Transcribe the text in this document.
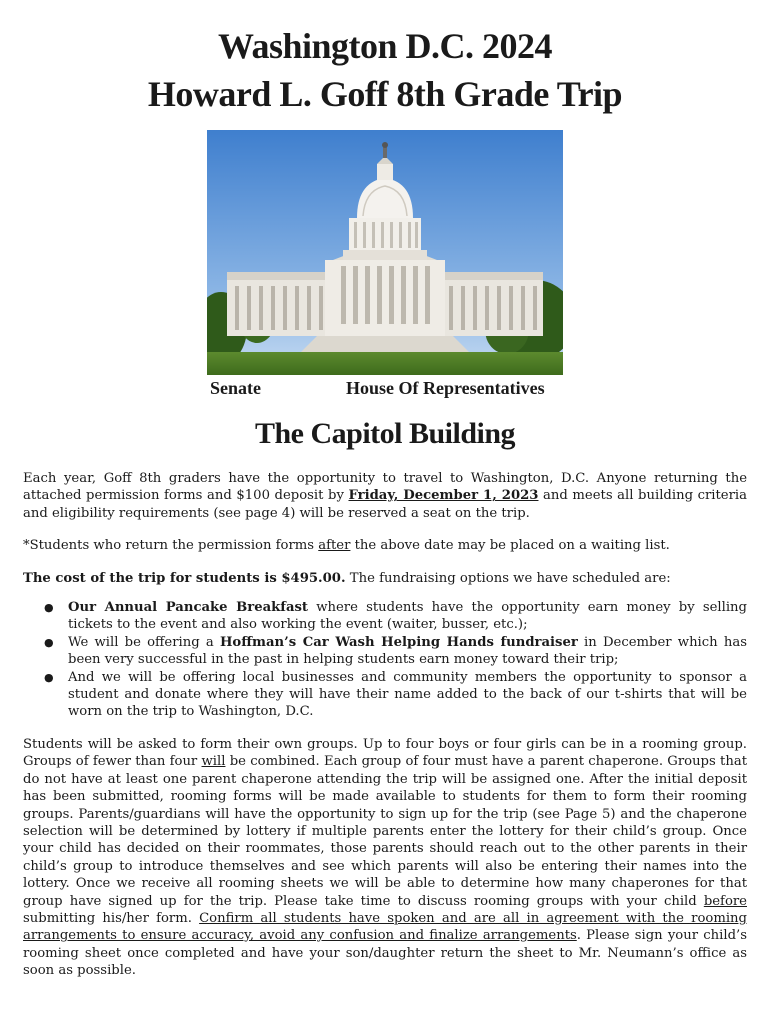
Washington D.C. 2024
Howard L. Goff 8th Grade Trip
Senate	House Of Representatives
The Capitol Building

Each year, Goff 8th graders have the opportunity to travel to Washington, D.C. Anyone returning the attached permission forms and $100 deposit by Friday, December 1, 2023 and meets all building criteria and eligibility requirements (see page 4) will be reserved a seat on the trip.

*Students who return the permission forms after the above date may be placed on a waiting list.

The cost of the trip for students is $495.00. The fundraising options we have scheduled are:

● Our Annual Pancake Breakfast where students have the opportunity earn money by selling tickets to the event and also working the event (waiter, busser, etc.);
● We will be offering a Hoffman’s Car Wash Helping Hands fundraiser in December which has been very successful in the past in helping students earn money toward their trip;
● And we will be offering local businesses and community members the opportunity to sponsor a student and donate where they will have their name added to the back of our t-shirts that will be worn on the trip to Washington, D.C.

Students will be asked to form their own groups. Up to four boys or four girls can be in a rooming group. Groups of fewer than four will be combined. Each group of four must have a parent chaperone. Groups that do not have at least one parent chaperone attending the trip will be assigned one. After the initial deposit has been submitted, rooming forms will be made available to students for them to form their rooming groups. Parents/guardians will have the opportunity to sign up for the trip (see Page 5) and the chaperone selection will be determined by lottery if multiple parents enter the lottery for their child’s group. Once your child has decided on their roommates, those parents should reach out to the other parents in their child’s group to introduce themselves and see which parents will also be entering their names into the lottery. Once we receive all rooming sheets we will be able to determine how many chaperones for that group have signed up for the trip. Please take time to discuss rooming groups with your child before submitting his/her form. Confirm all students have spoken and are all in agreement with the rooming arrangements to ensure accuracy, avoid any confusion and finalize arrangements. Please sign your child’s rooming sheet once completed and have your son/daughter return the sheet to Mr. Neumann’s office as soon as possible.
